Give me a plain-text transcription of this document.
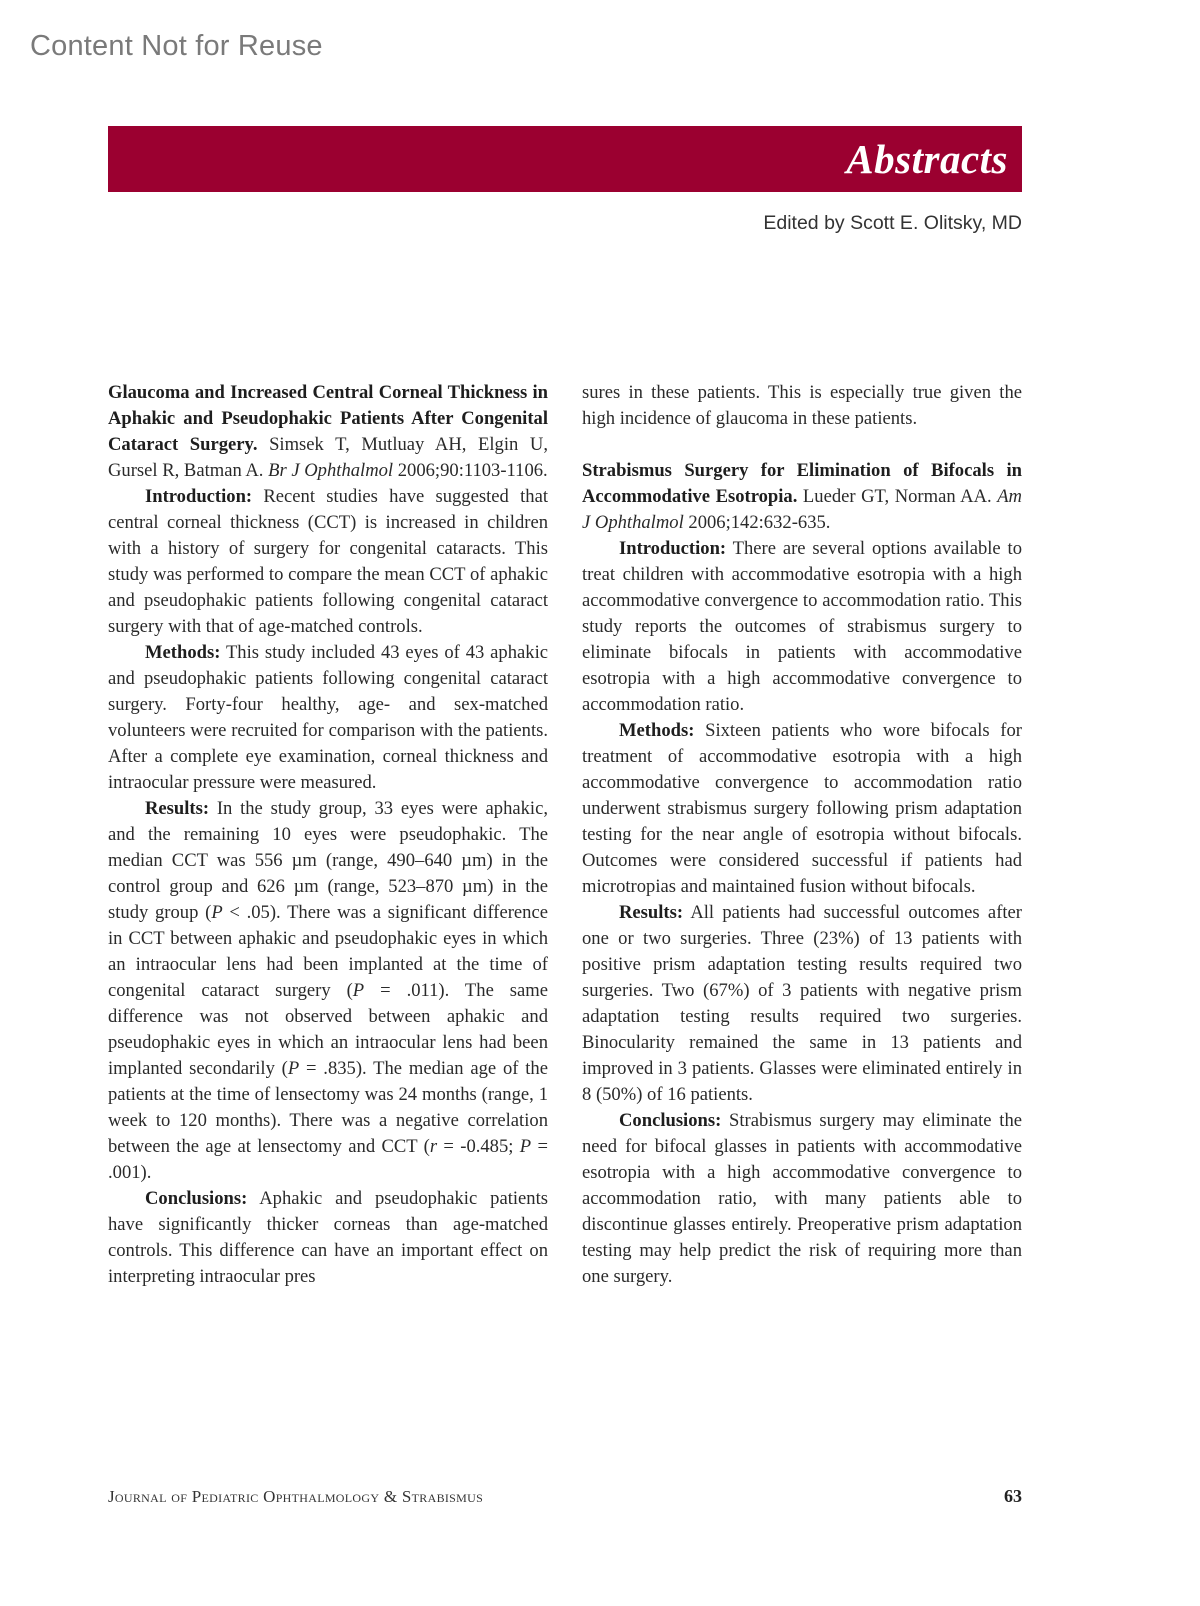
Content Not for Reuse
Abstracts
Edited by Scott E. Olitsky, MD

Glaucoma and Increased Central Corneal Thickness in Aphakic and Pseudophakic Patients After Congenital Cataract Surgery. Simsek T, Mutluay AH, Elgin U, Gursel R, Batman A. Br J Ophthalmol 2006;90:1103-1106.

Introduction: Recent studies have suggested that central corneal thickness (CCT) is increased in children with a history of surgery for congenital cataracts. This study was performed to compare the mean CCT of aphakic and pseudophakic patients following congenital cataract surgery with that of age-matched controls.

Methods: This study included 43 eyes of 43 aphakic and pseudophakic patients following congenital cataract surgery. Forty-four healthy, age- and sex-matched volunteers were recruited for comparison with the patients. After a complete eye examination, corneal thickness and intraocular pressure were measured.

Results: In the study group, 33 eyes were aphakic, and the remaining 10 eyes were pseudophakic. The median CCT was 556 µm (range, 490–640 µm) in the control group and 626 µm (range, 523–870 µm) in the study group (P < .05). There was a significant difference in CCT between aphakic and pseudophakic eyes in which an intraocular lens had been implanted at the time of congenital cataract surgery (P = .011). The same difference was not observed between aphakic and pseudophakic eyes in which an intraocular lens had been implanted secondarily (P = .835). The median age of the patients at the time of lensectomy was 24 months (range, 1 week to 120 months). There was a negative correlation between the age at lensectomy and CCT (r = -0.485; P = .001).

Conclusions: Aphakic and pseudophakic patients have significantly thicker corneas than age-matched controls. This difference can have an important effect on interpreting intraocular pres

sures in these patients. This is especially true given the high incidence of glaucoma in these patients.

Strabismus Surgery for Elimination of Bifocals in Accommodative Esotropia. Lueder GT, Norman AA. Am J Ophthalmol 2006;142:632-635.

Introduction: There are several options available to treat children with accommodative esotropia with a high accommodative convergence to accommodation ratio. This study reports the outcomes of strabismus surgery to eliminate bifocals in patients with accommodative esotropia with a high accommodative convergence to accommodation ratio.

Methods: Sixteen patients who wore bifocals for treatment of accommodative esotropia with a high accommodative convergence to accommodation ratio underwent strabismus surgery following prism adaptation testing for the near angle of esotropia without bifocals. Outcomes were considered successful if patients had microtropias and maintained fusion without bifocals.

Results: All patients had successful outcomes after one or two surgeries. Three (23%) of 13 patients with positive prism adaptation testing results required two surgeries. Two (67%) of 3 patients with negative prism adaptation testing results required two surgeries. Binocularity remained the same in 13 patients and improved in 3 patients. Glasses were eliminated entirely in 8 (50%) of 16 patients.

Conclusions: Strabismus surgery may eliminate the need for bifocal glasses in patients with accommodative esotropia with a high accommodative convergence to accommodation ratio, with many patients able to discontinue glasses entirely. Preoperative prism adaptation testing may help predict the risk of requiring more than one surgery.

Journal of Pediatric Ophthalmology & Strabismus	63
